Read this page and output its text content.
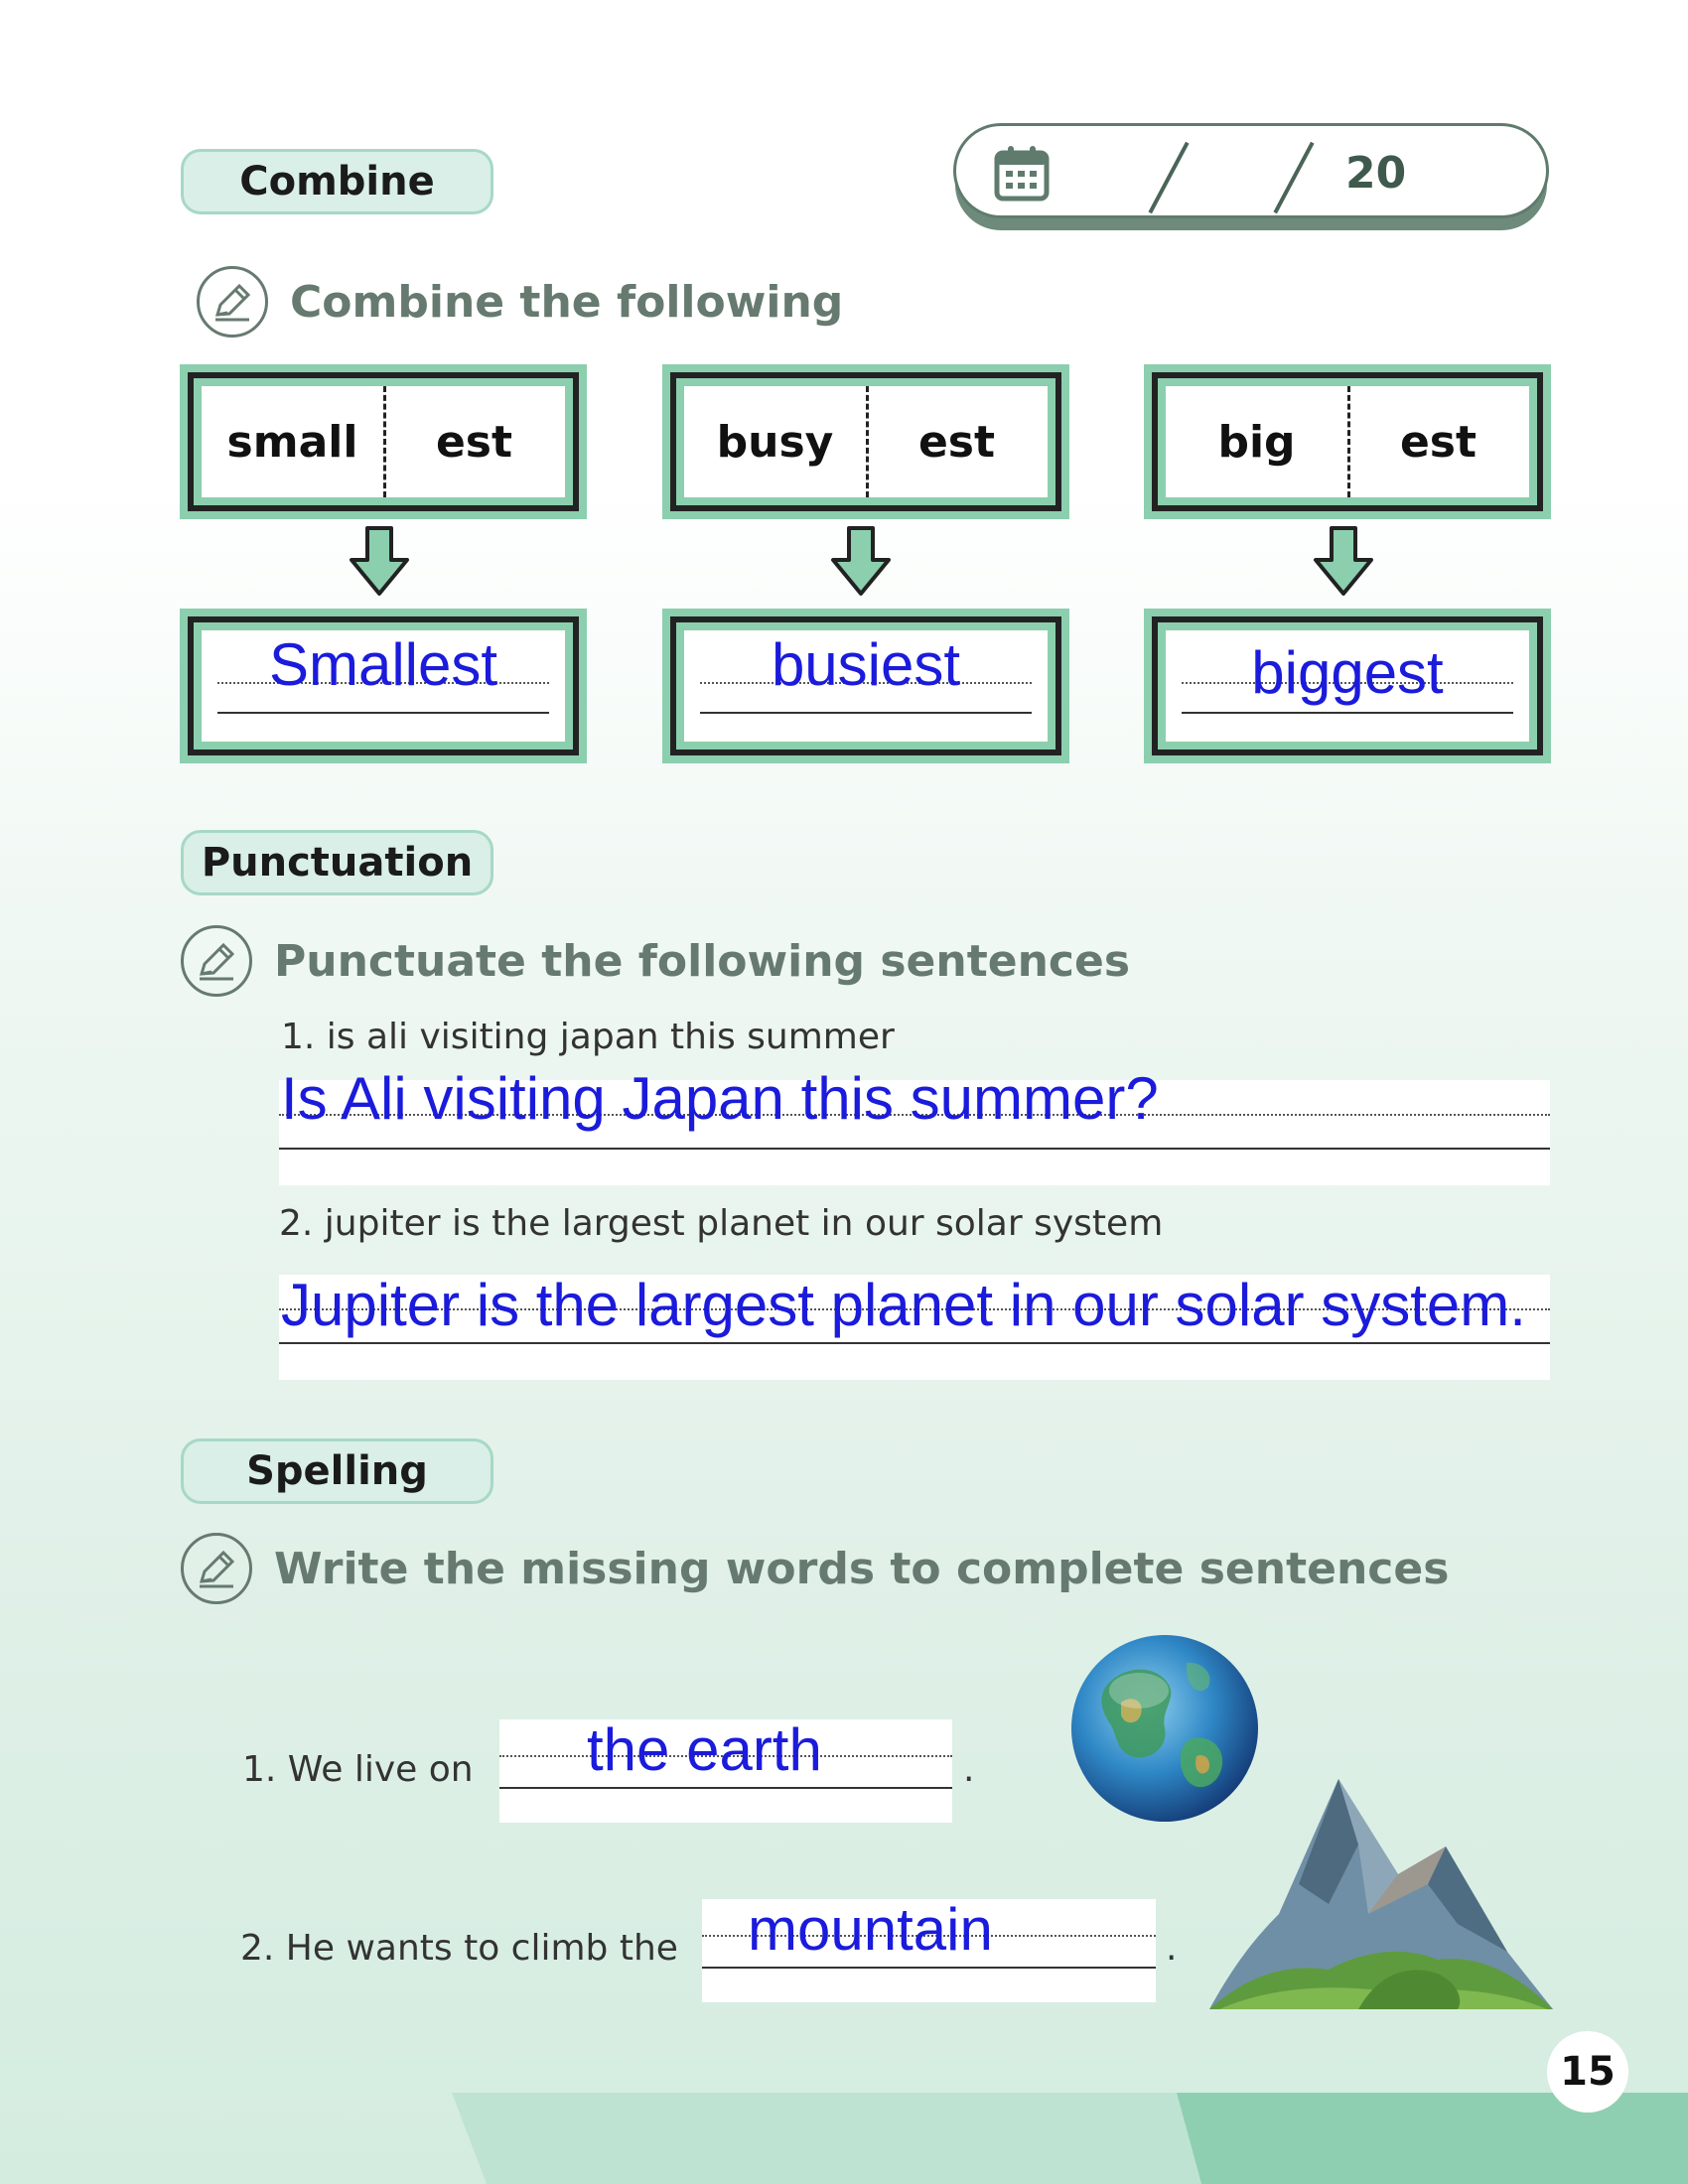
Combine	20
Combine the following
small	est	busy	est	big	est
Smallest	busiest	biggest
Punctuation
Punctuate the following sentences
1. is ali visiting japan this summer
Is Ali visiting Japan this summer?
2. jupiter is the largest planet in our solar system
Jupiter is the largest planet in our solar system.
Spelling
Write the missing words to complete sentences
1. We live on the earth	.
2. He wants to climb the mountain	.
15
